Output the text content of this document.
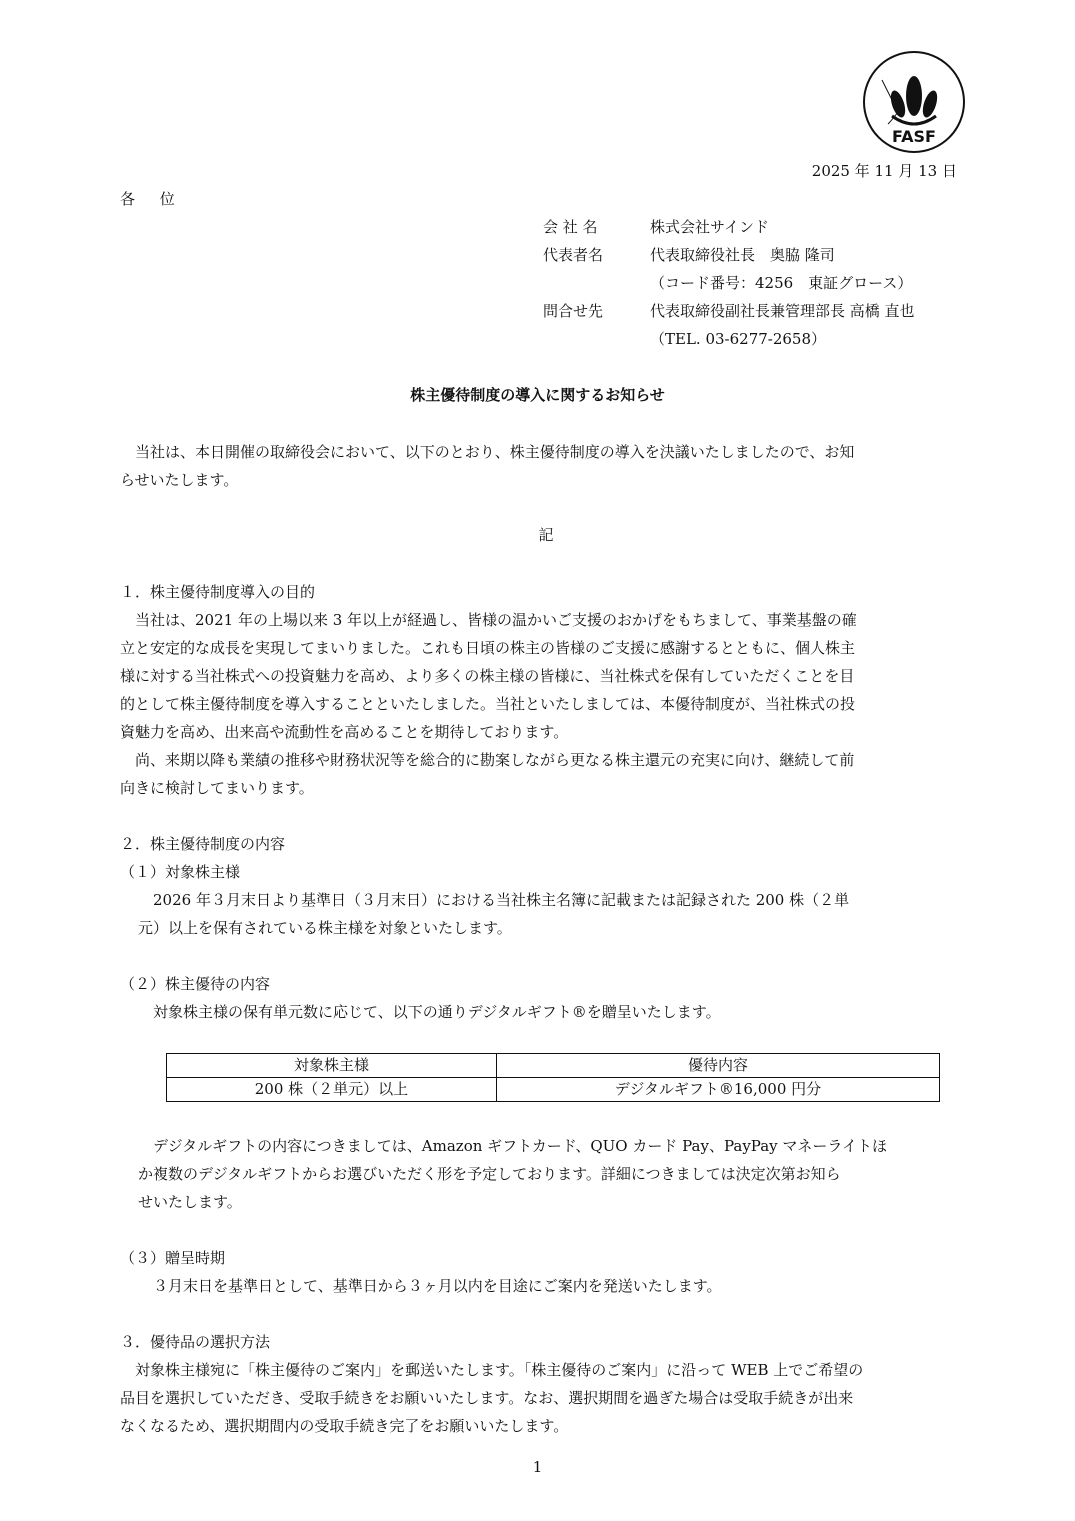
FASF
2025 年 11 月 13 日
各 位
会 社 名	株式会社サインド
代表者名	代表取締役社長　奥脇 隆司
（コード番号：4256　東証グロース）
問合せ先	代表取締役副社長兼管理部長 高橋 直也
（TEL. 03-6277-2658）
株主優待制度の導入に関するお知らせ
　当社は、本日開催の取締役会において、以下のとおり、株主優待制度の導入を決議いたしましたので、お知
らせいたします。
記
１．株主優待制度導入の目的
　当社は、2021 年の上場以来 3 年以上が経過し、皆様の温かいご支援のおかげをもちまして、事業基盤の確
立と安定的な成長を実現してまいりました。これも日頃の株主の皆様のご支援に感謝するとともに、個人株主
様に対する当社株式への投資魅力を高め、より多くの株主様の皆様に、当社株式を保有していただくことを目
的として株主優待制度を導入することといたしました。当社といたしましては、本優待制度が、当社株式の投
資魅力を高め、出来高や流動性を高めることを期待しております。
　尚、来期以降も業績の推移や財務状況等を総合的に勘案しながら更なる株主還元の充実に向け、継続して前
向きに検討してまいります。
２．株主優待制度の内容
（１）対象株主様
　2026 年３月末日より基準日（３月末日）における当社株主名簿に記載または記録された 200 株（２単
元）以上を保有されている株主様を対象といたします。
（２）株主優待の内容
　対象株主様の保有単元数に応じて、以下の通りデジタルギフト®を贈呈いたします。
対象株主様	優待内容
200 株（２単元）以上	デジタルギフト®16,000 円分
　デジタルギフトの内容につきましては、Amazon ギフトカード、QUO カード Pay、PayPay マネーライトほ
か複数のデジタルギフトからお選びいただく形を予定しております。詳細につきましては決定次第お知ら
せいたします。
（３）贈呈時期
　３月末日を基準日として、基準日から３ヶ月以内を目途にご案内を発送いたします。
３．優待品の選択方法
　対象株主様宛に「株主優待のご案内」を郵送いたします。「株主優待のご案内」に沿って WEB 上でご希望の
品目を選択していただき、受取手続きをお願いいたします。なお、選択期間を過ぎた場合は受取手続きが出来
なくなるため、選択期間内の受取手続き完了をお願いいたします。
1
